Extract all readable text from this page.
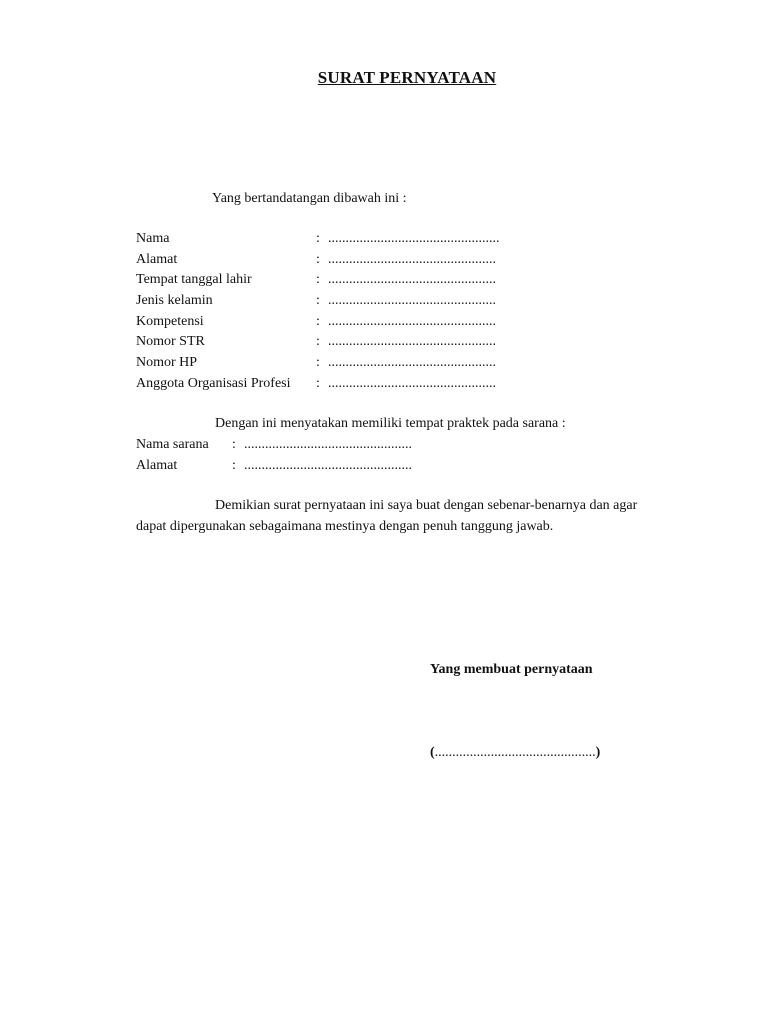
SURAT PERNYATAAN
Yang bertandatangan dibawah ini :
Nama	: .................................................
Alamat	: ................................................
Tempat tanggal lahir	: ................................................
Jenis kelamin	: ................................................
Kompetensi	: ................................................
Nomor STR	: ................................................
Nomor HP	: ................................................
Anggota Organisasi Profesi : ................................................
Dengan ini menyatakan memiliki tempat praktek pada sarana :
Nama sarana : ................................................
Alamat	: ................................................
Demikian surat pernyataan ini saya buat dengan sebenar-benarnya dan agar
dapat dipergunakan sebagaimana mestinya dengan penuh tanggung jawab.
Yang membuat pernyataan
(..............................................)
